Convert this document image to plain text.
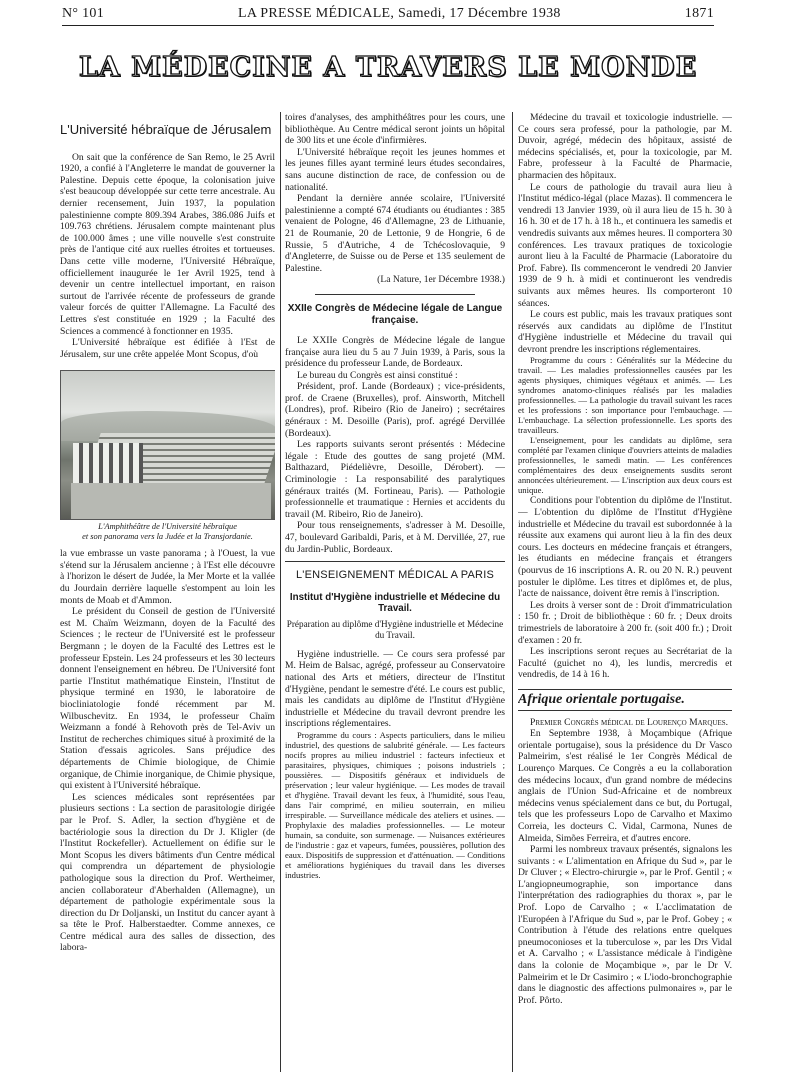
N° 101	LA PRESSE MÉDICALE, Samedi, 17 Décembre 1938	1871
LA MÉDECINE A TRAVERS LE MONDE

L'Université hébraïque de Jérusalem

On sait que la conférence de San Remo, le 25 Avril 1920, a confié à l'Angleterre le mandat de gouverner la Palestine. Depuis cette époque, la colonisation juive s'est beaucoup développée sur cette terre ancestrale. Au dernier recensement, Juin 1937, la population palestinienne compte 809.394 Arabes, 386.086 Juifs et 109.763 chrétiens. Jérusalem compte maintenant plus de 100.000 âmes ; une ville nouvelle s'est construite près de l'antique cité aux ruelles étroites et tortueuses. Dans cette ville moderne, l'Université Hébraïque, officiellement inaugurée le 1er Avril 1925, tend à devenir un centre intellectuel important, en raison surtout de l'arrivée récente de professeurs de grande valeur forcés de quitter l'Allemagne. La Faculté des Lettres s'est constituée en 1929 ; la Faculté des Sciences a commencé à fonctionner en 1935.

L'Université hébraïque est édifiée à l'Est de Jérusalem, sur une crête appelée Mont Scopus, d'où

L'Amphithéâtre de l'Université hébraïque
et son panorama vers la Judée et la Transjordanie.

la vue embrasse un vaste panorama ; à l'Ouest, la vue s'étend sur la Jérusalem ancienne ; à l'Est elle découvre à l'horizon le désert de Judée, la Mer Morte et la vallée du Jourdain derrière laquelle s'estompent au loin les monts de Moab et d'Ammon.

Le président du Conseil de gestion de l'Université est M. Chaïm Weizmann, doyen de la Faculté des Sciences ; le recteur de l'Université est le professeur Bergmann ; le doyen de la Faculté des Lettres est le professeur Epstein. Les 24 professeurs et les 30 lecteurs donnent l'enseignement en hébreu. De l'Université font partie l'Institut mathématique Einstein, l'Institut de physique terminé en 1930, le laboratoire de biocliniatologie fondé récemment par M. Wilbuschevitz. En 1934, le professeur Chaïm Weizmann a fondé à Rehovoth près de Tel-Aviv un Institut de recherches chimiques situé à proximité de la Station d'essais agricoles. Sans préjudice des départements de Chimie biologique, de Chimie organique, de Chimie inorganique, de Chimie physique, qui existent à l'Université hébraïque.

Les sciences médicales sont représentées par plusieurs sections : La section de parasitologie dirigée par le Prof. S. Adler, la section d'hygiène et de bactériologie sous la direction du Dr J. Kligler (de l'Institut Rockefeller). Actuellement on édifie sur le Mont Scopus les divers bâtiments d'un Centre médical qui comprendra un département de physiologie pathologique sous la direction du Prof. Wertheimer, ancien collaborateur d'Aberhalden (Allemagne), un département de pathologie expérimentale sous la direction du Dr Doljanski, un Institut du cancer ayant à sa tête le Prof. Halberstaedter. Comme annexes, ce Centre médical aura des salles de dissection, des labora-

toires d'analyses, des amphithéâtres pour les cours, une bibliothèque. Au Centre médical seront joints un hôpital de 300 lits et une école d'infirmières.

L'Université hébraïque reçoit les jeunes hommes et les jeunes filles ayant terminé leurs études secondaires, sans aucune distinction de race, de confession ou de nationalité.

Pendant la dernière année scolaire, l'Université palestinienne a compté 674 étudiants ou étudiantes : 385 venaient de Pologne, 46 d'Allemagne, 23 de Lithuanie, 21 de Roumanie, 20 de Lettonie, 9 de Hongrie, 6 de Russie, 5 d'Autriche, 4 de Tchécoslovaquie, 9 d'Angleterre, de Suisse ou de Perse et 135 seulement de Palestine.

(La Nature, 1er Décembre 1938.)

XXIIe Congrès de Médecine légale de Langue française.

Le XXIIe Congrès de Médecine légale de langue française aura lieu du 5 au 7 Juin 1939, à Paris, sous la présidence du professeur Lande, de Bordeaux.

Le bureau du Congrès est ainsi constitué :

Président, prof. Lande (Bordeaux) ; vice-présidents, prof. de Craene (Bruxelles), prof. Ainsworth, Mitchell (Londres), prof. Ribeiro (Rio de Janeiro) ; secrétaires généraux : M. Desoille (Paris), prof. agrégé Dervillée (Bordeaux).

Les rapports suivants seront présentés : Médecine légale : Etude des gouttes de sang projeté (MM. Balthazard, Piédelièvre, Desoille, Dérobert). — Criminologie : La responsabilité des paralytiques généraux traités (M. Fortineau, Paris). — Pathologie professionnelle et traumatique : Hernies et accidents du travail (M. Ribeiro, Rio de Janeiro).

Pour tous renseignements, s'adresser à M. Desoille, 47, boulevard Garibaldi, Paris, et à M. Dervillée, 27, rue du Jardin-Public, Bordeaux.

L'ENSEIGNEMENT MÉDICAL A PARIS
Institut d'Hygiène industrielle et Médecine du Travail.
Préparation au diplôme d'Hygiène industrielle et Médecine du Travail.

Hygiène industrielle. — Ce cours sera professé par M. Heim de Balsac, agrégé, professeur au Conservatoire national des Arts et métiers, directeur de l'Institut d'Hygiène, pendant le semestre d'été. Le cours est public, mais les candidats au diplôme de l'Institut d'Hygiène industrielle et Médecine du travail devront prendre les inscriptions réglementaires.

Programme du cours : Aspects particuliers, dans le milieu industriel, des questions de salubrité générale. — Les facteurs nocifs propres au milieu industriel : facteurs infectieux et parasitaires, physiques, chimiques ; poisons industriels ; poussières. — Dispositifs généraux et individuels de préservation ; leur valeur hygiénique. — Les modes de travail et d'hygiène. Travail devant les feux, à l'humidité, sous l'eau, dans l'air comprimé, en milieu souterrain, en milieu irrespirable. — Surveillance médicale des ateliers et usines. — Prophylaxie des maladies professionnelles. — Le moteur humain, sa conduite, son surmenage. — Nuisances extérieures de l'industrie : gaz et vapeurs, fumées, poussières, pollution des eaux. Dispositifs de suppression et d'atténuation. — Conditions et améliorations hygiéniques du travail dans les diverses industries.

Médecine du travail et toxicologie industrielle. — Ce cours sera professé, pour la pathologie, par M. Duvoir, agrégé, médecin des hôpitaux, assisté de médecins spécialisés, et, pour la toxicologie, par M. Fabre, professeur à la Faculté de Pharmacie, pharmacien des hôpitaux.

Le cours de pathologie du travail aura lieu à l'Institut médico-légal (place Mazas). Il commencera le vendredi 13 Janvier 1939, où il aura lieu de 15 h. 30 à 16 h. 30 et de 17 h. à 18 h., et continuera les samedis et vendredis suivants aux mêmes heures. Il comportera 30 conférences. Les travaux pratiques de toxicologie auront lieu à la Faculté de Pharmacie (Laboratoire du Prof. Fabre). Ils commenceront le vendredi 20 Janvier 1939 de 9 h. à midi et continueront les vendredis suivants aux mêmes heures. Ils comporteront 10 séances.

Le cours est public, mais les travaux pratiques sont réservés aux candidats au diplôme de l'Institut d'Hygiène industrielle et Médecine du travail qui devront prendre les inscriptions réglementaires.

Programme du cours : Généralités sur la Médecine du travail. — Les maladies professionnelles causées par les agents physiques, chimiques végétaux et animés. — Les syndromes anatomo-cliniques réalisés par les maladies professionnelles. — La pathologie du travail suivant les races et les professions : son importance pour l'embauchage. — L'embauchage. La sélection professionnelle. Les sports des travailleurs.

L'enseignement, pour les candidats au diplôme, sera complété par l'examen clinique d'ouvriers atteints de maladies professionnelles, le samedi matin. — Les conférences complémentaires des deux enseignements susdits seront annoncées ultérieurement. — L'inscription aux deux cours est unique.

Conditions pour l'obtention du diplôme de l'Institut. — L'obtention du diplôme de l'Institut d'Hygiène industrielle et Médecine du travail est subordonnée à la réussite aux examens qui auront lieu à la fin des deux cours. Les docteurs en médecine français et étrangers, les étudiants en médecine français et étrangers (pourvus de 16 inscriptions A. R. ou 20 N. R.) peuvent postuler le diplôme. Les titres et diplômes et, de plus, l'acte de naissance, doivent être remis à l'inscription.

Les droits à verser sont de : Droit d'immatriculation : 150 fr. ; Droit de bibliothèque : 60 fr. ; Deux droits trimestriels de laboratoire à 200 fr. (soit 400 fr.) ; Droit d'examen : 20 fr.

Les inscriptions seront reçues au Secrétariat de la Faculté (guichet no 4), les lundis, mercredis et vendredis, de 14 à 16 h.

Afrique orientale portugaise.

Premier Congrès médical de Lourenço Marques.

En Septembre 1938, à Moçambique (Afrique orientale portugaise), sous la présidence du Dr Vasco Palmeirim, s'est réalisé le 1er Congrès Médical de Lourenço Marques. Ce Congrès a eu la collaboration des médecins locaux, d'un grand nombre de médecins anglais de l'Union Sud-Africaine et de nombreux médecins venus spécialement dans ce but, du Portugal, tels que les professeurs Lopo de Carvalho et Maximo Correia, les docteurs C. Vidal, Carmona, Nunes de Almeida, Simões Ferreira, et d'autres encore.

Parmi les nombreux travaux présentés, signalons les suivants : « L'alimentation en Afrique du Sud », par le Dr Cluver ; « Electro-chirurgie », par le Prof. Gentil ; « L'angiopneumographie, son importance dans l'interprétation des radiographies du thorax », par le Prof. Lopo de Carvalho ; « L'acclimatation de l'Européen à l'Afrique du Sud », par le Prof. Gobey ; « Contribution à l'étude des relations entre quelques pneumoconioses et la tuberculose », par les Drs Vidal et A. Carvalho ; « L'assistance médicale à l'indigène dans la colonie de Moçambique », par le Dr V. Palmeirim et le Dr Casimiro ; « L'iodo-bronchographie dans le diagnostic des affections pulmonaires », par le Prof. Pôrto.
